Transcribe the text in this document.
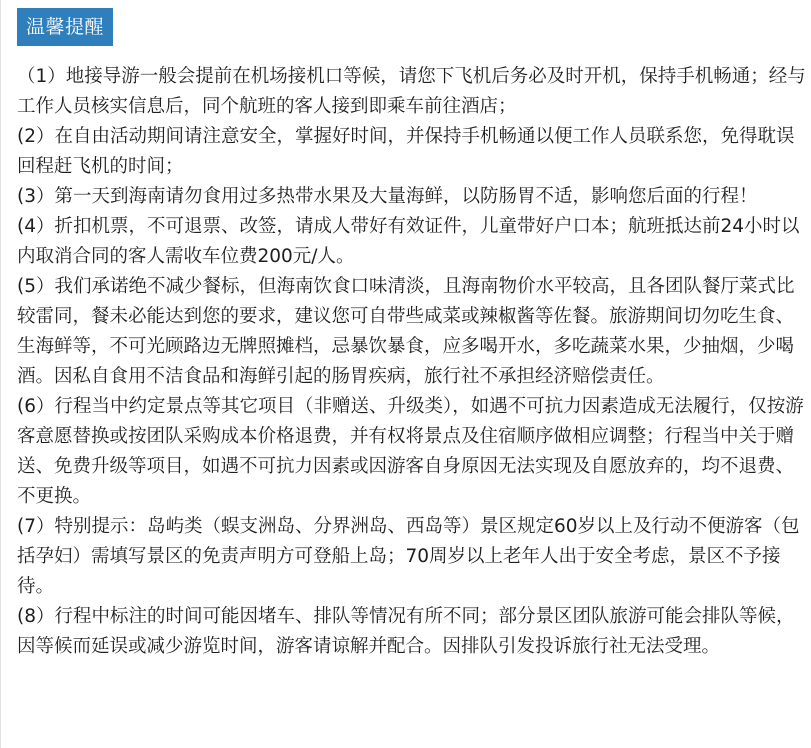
温馨提醒

（1）地接导游一般会提前在机场接机口等候，请您下飞机后务必及时开机，保持手机畅通；经与工作人员核实信息后，同个航班的客人接到即乘车前往酒店；

(2）在自由活动期间请注意安全，掌握好时间，并保持手机畅通以便工作人员联系您，免得耽误回程赶飞机的时间；

(3）第一天到海南请勿食用过多热带水果及大量海鲜，以防肠胃不适，影响您后面的行程！

(4）折扣机票，不可退票、改签，请成人带好有效证件，儿童带好户口本；航班抵达前24小时以内取消合同的客人需收车位费200元/人。

(5）我们承诺绝不减少餐标，但海南饮食口味清淡，且海南物价水平较高，且各团队餐厅菜式比较雷同，餐未必能达到您的要求，建议您可自带些咸菜或辣椒酱等佐餐。旅游期间切勿吃生食、生海鲜等，不可光顾路边无牌照摊档，忌暴饮暴食，应多喝开水，多吃蔬菜水果，少抽烟，少喝酒。因私自食用不洁食品和海鲜引起的肠胃疾病，旅行社不承担经济赔偿责任。

(6）行程当中约定景点等其它项目（非赠送、升级类），如遇不可抗力因素造成无法履行，仅按游客意愿替换或按团队采购成本价格退费，并有权将景点及住宿顺序做相应调整；行程当中关于赠送、免费升级等项目，如遇不可抗力因素或因游客自身原因无法实现及自愿放弃的，均不退费、不更换。

(7）特别提示：岛屿类（蜈支洲岛、分界洲岛、西岛等）景区规定60岁以上及行动不便游客（包括孕妇）需填写景区的免责声明方可登船上岛；70周岁以上老年人出于安全考虑，景区不予接待。

(8）行程中标注的时间可能因堵车、排队等情况有所不同；部分景区团队旅游可能会排队等候，因等候而延误或减少游览时间，游客请谅解并配合。因排队引发投诉旅行社无法受理。
